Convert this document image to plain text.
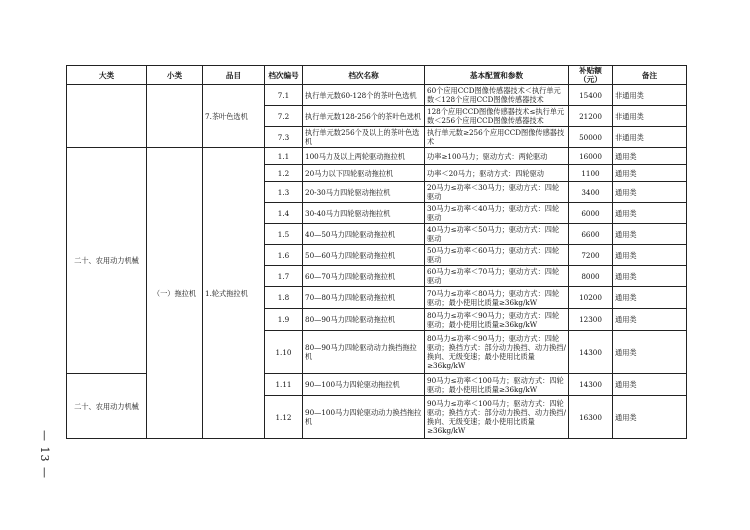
大类	小类	品目	档次编号	档次名称	基本配置和参数	补贴额（元）	备注
		7.茶叶色选机	7.1	执行单元数60-128个的茶叶色选机	60个应用CCD图像传感器技术＜执行单元数＜128个应用CCD图像传感器技术	15400	非通用类
			7.2	执行单元数128-256个的茶叶色选机	128个应用CCD图像传感器技术≤执行单元数＜256个应用CCD图像传感器技术	21200	非通用类
			7.3	执行单元数256个及以上的茶叶色选机	执行单元数≥256个应用CCD图像传感器技术	50000	非通用类
二十、农用动力机械	（一）拖拉机	1.轮式拖拉机	1.1	100马力及以上两轮驱动拖拉机	功率≥100马力；驱动方式：两轮驱动	16000	通用类
			1.2	20马力以下四轮驱动拖拉机	功率＜20马力；驱动方式：四轮驱动	1100	通用类
			1.3	20-30马力四轮驱动拖拉机	20马力≤功率＜30马力；驱动方式：四轮驱动	3400	通用类
			1.4	30-40马力四轮驱动拖拉机	30马力≤功率＜40马力；驱动方式：四轮驱动	6000	通用类
			1.5	40—50马力四轮驱动拖拉机	40马力≤功率＜50马力；驱动方式：四轮驱动	6600	通用类
			1.6	50—60马力四轮驱动拖拉机	50马力≤功率＜60马力；驱动方式：四轮驱动	7200	通用类
			1.7	60—70马力四轮驱动拖拉机	60马力≤功率＜70马力；驱动方式：四轮驱动	8000	通用类
			1.8	70—80马力四轮驱动拖拉机	70马力≤功率＜80马力；驱动方式：四轮驱动；最小使用比质量≥36kg/kW	10200	通用类
			1.9	80—90马力四轮驱动拖拉机	80马力≤功率＜90马力；驱动方式：四轮驱动；最小使用比质量≥36kg/kW	12300	通用类
			1.10	80—90马力四轮驱动动力换挡拖拉机	80马力≤功率＜90马力；驱动方式：四轮驱动；换挡方式：部分动力换挡、动力换挡/换向、无级变速；最小使用比质量≥36kg/kW	14300	通用类
二十、农用动力机械			1.11	90—100马力四轮驱动拖拉机	90马力≤功率＜100马力；驱动方式：四轮驱动；最小使用比质量≥36kg/kW	14300	通用类
			1.12	90—100马力四轮驱动动力换挡拖拉机	90马力≤功率＜100马力；驱动方式：四轮驱动；换挡方式：部分动力换挡、动力换挡/换向、无级变速；最小使用比质量≥36kg/kW	16300	通用类
— 13 —
